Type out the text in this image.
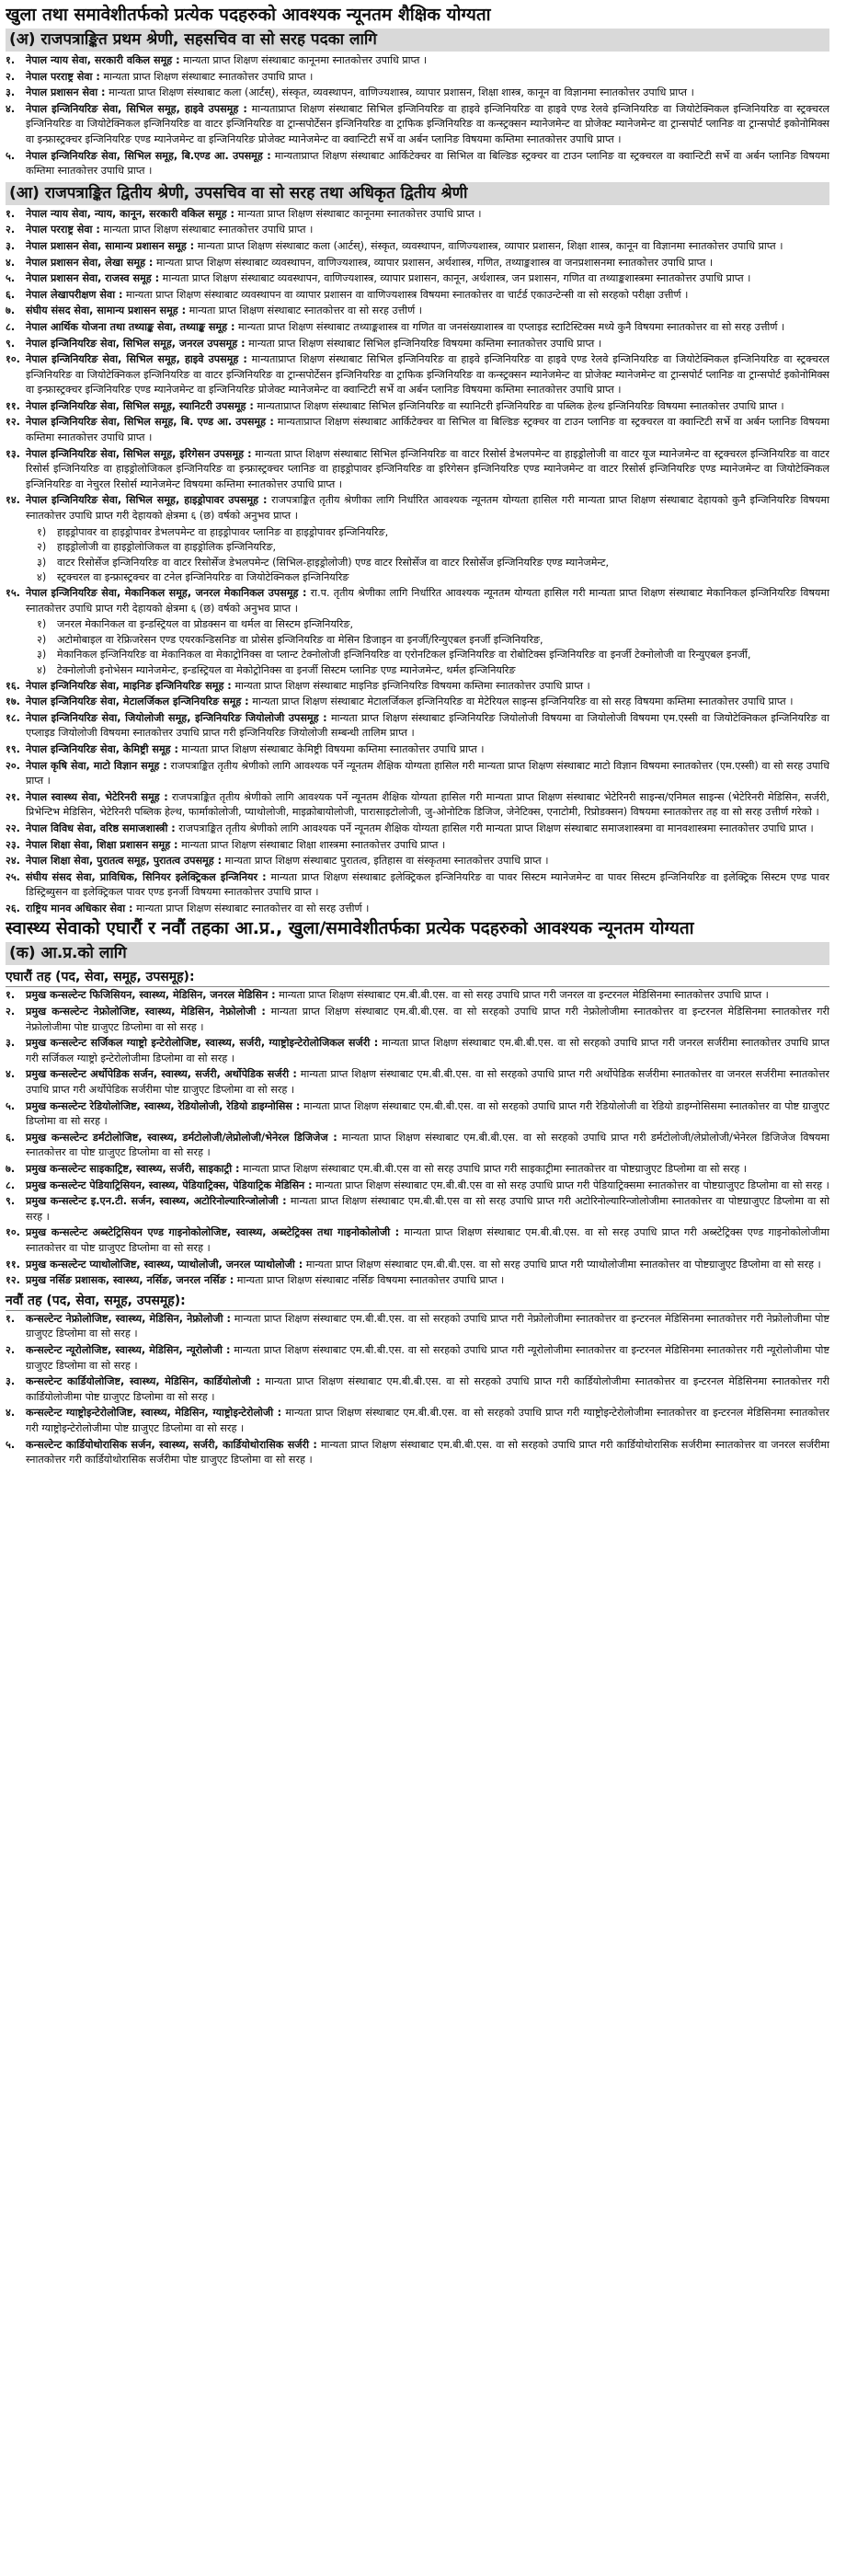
खुला तथा समावेशीतर्फको प्रत्येक पदहरुको आवश्यक न्यूनतम शैक्षिक योग्यता
(अ) राजपत्राङ्कित प्रथम श्रेणी, सहसचिव वा सो सरह पदका लागि
१.	नेपाल न्याय सेवा, सरकारी वकिल समूह : मान्यता प्राप्त शिक्षण संस्थाबाट कानूनमा स्नातकोत्तर उपाधि प्राप्त ।
२.	नेपाल परराष्ट्र सेवा : मान्यता प्राप्त शिक्षण संस्थाबाट स्नातकोत्तर उपाधि प्राप्त ।
३.	नेपाल प्रशासन सेवा : मान्यता प्राप्त शिक्षण संस्थाबाट कला (आर्टस्), संस्कृत, व्यवस्थापन, वाणिज्यशास्त्र, व्यापार प्रशासन, शिक्षा शास्त्र, कानून वा विज्ञानमा स्नातकोत्तर उपाधि प्राप्त ।
४.	नेपाल इन्जिनियरिङ सेवा, सिभिल समूह, हाइवे उपसमूह : मान्यताप्राप्त शिक्षण संस्थाबाट सिभिल इन्जिनियरिङ वा हाइवे इन्जिनियरिङ वा हाइवे एण्ड रेलवे इन्जिनियरिङ वा जियोटेक्निकल इन्जिनियरिङ वा स्ट्रक्चरल इन्जिनियरिङ वा जियोटेक्निकल इन्जिनियरिङ वा वाटर इन्जिनियरिङ वा ट्रान्सपोर्टेसन इन्जिनियरिङ वा ट्राफिक इन्जिनियरिङ वा कन्स्ट्रक्सन म्यानेजमेन्ट वा प्रोजेक्ट म्यानेजमेन्ट वा ट्रान्सपोर्ट प्लानिङ वा ट्रान्सपोर्ट इकोनोमिक्स वा इन्फ्रास्ट्रक्चर इन्जिनियरिङ एण्ड म्यानेजमेन्ट वा इन्जिनियरिङ प्रोजेक्ट म्यानेजमेन्ट वा क्वान्टिटी सर्भे वा अर्बन प्लानिङ विषयमा कम्तिमा स्नातकोत्तर उपाधि प्राप्त ।
५.	नेपाल इन्जिनियरिङ सेवा, सिभिल समूह, बि.एण्ड आ. उपसमूह : मान्यताप्राप्त शिक्षण संस्थाबाट आर्किटेक्चर वा सिभिल वा बिल्डिङ स्ट्रक्चर वा टाउन प्लानिङ वा स्ट्रक्चरल वा क्वान्टिटी सर्भे वा अर्बन प्लानिङ विषयमा कम्तिमा स्नातकोत्तर उपाधि प्राप्त ।
(आ) राजपत्राङ्कित द्वितीय श्रेणी, उपसचिव वा सो सरह तथा अधिकृत द्वितीय श्रेणी
१.	नेपाल न्याय सेवा, न्याय, कानून, सरकारी वकिल समूह : मान्यता प्राप्त शिक्षण संस्थाबाट कानूनमा स्नातकोत्तर उपाधि प्राप्त ।
२.	नेपाल परराष्ट्र सेवा : मान्यता प्राप्त शिक्षण संस्थाबाट स्नातकोत्तर उपाधि प्राप्त ।
३.	नेपाल प्रशासन सेवा, सामान्य प्रशासन समूह : मान्यता प्राप्त शिक्षण संस्थाबाट कला (आर्टस्), संस्कृत, व्यवस्थापन, वाणिज्यशास्त्र, व्यापार प्रशासन, शिक्षा शास्त्र, कानून वा विज्ञानमा स्नातकोत्तर उपाधि प्राप्त ।
४.	नेपाल प्रशासन सेवा, लेखा समूह : मान्यता प्राप्त शिक्षण संस्थाबाट व्यवस्थापन, वाणिज्यशास्त्र, व्यापार प्रशासन, अर्थशास्त्र, गणित, तथ्याङ्कशास्त्र वा जनप्रशासनमा स्नातकोत्तर उपाधि प्राप्त ।
५.	नेपाल प्रशासन सेवा, राजस्व समूह : मान्यता प्राप्त शिक्षण संस्थाबाट व्यवस्थापन, वाणिज्यशास्त्र, व्यापार प्रशासन, कानून, अर्थशास्त्र, जन प्रशासन, गणित वा तथ्याङ्कशास्त्रमा स्नातकोत्तर उपाधि प्राप्त ।
६.	नेपाल लेखापरीक्षण सेवा : मान्यता प्राप्त शिक्षण संस्थाबाट व्यवस्थापन वा व्यापार प्रशासन वा वाणिज्यशास्त्र विषयमा स्नातकोत्तर वा चार्टर्ड एकाउन्टेन्सी वा सो सरहको परीक्षा उत्तीर्ण ।
७.	संघीय संसद सेवा, सामान्य प्रशासन समूह : मान्यता प्राप्त शिक्षण संस्थाबाट स्नातकोत्तर वा सो सरह उत्तीर्ण ।
८.	नेपाल आर्थिक योजना तथा तथ्याङ्क सेवा, तथ्याङ्क समूह : मान्यता प्राप्त शिक्षण संस्थाबाट तथ्याङ्कशास्त्र वा गणित वा जनसंख्याशास्त्र वा एप्लाइड स्टाटिस्टिक्स मध्ये कुनै विषयमा स्नातकोत्तर वा सो सरह उत्तीर्ण ।
९.	नेपाल इन्जिनियरिङ सेवा, सिभिल समूह, जनरल उपसमूह : मान्यता प्राप्त शिक्षण संस्थाबाट सिभिल इन्जिनियरिङ विषयमा कम्तिमा स्नातकोत्तर उपाधि प्राप्त ।
१०. नेपाल इन्जिनियरिङ सेवा, सिभिल समूह, हाइवे उपसमूह : मान्यताप्राप्त शिक्षण संस्थाबाट सिभिल इन्जिनियरिङ वा हाइवे इन्जिनियरिङ वा हाइवे एण्ड रेलवे इन्जिनियरिङ वा जियोटेक्निकल इन्जिनियरिङ वा स्ट्रक्चरल इन्जिनियरिङ वा जियोटेक्निकल इन्जिनियरिङ वा वाटर इन्जिनियरिङ वा ट्रान्सपोर्टेसन इन्जिनियरिङ वा ट्राफिक इन्जिनियरिङ वा कन्स्ट्रक्सन म्यानेजमेन्ट वा प्रोजेक्ट म्यानेजमेन्ट वा ट्रान्सपोर्ट प्लानिङ वा ट्रान्सपोर्ट इकोनोमिक्स वा इन्फ्रास्ट्रक्चर इन्जिनियरिङ एण्ड म्यानेजमेन्ट वा इन्जिनियरिङ प्रोजेक्ट म्यानेजमेन्ट वा क्वान्टिटी सर्भे वा अर्बन प्लानिङ विषयमा कम्तिमा स्नातकोत्तर उपाधि प्राप्त ।
११. नेपाल इन्जिनियरिङ सेवा, सिभिल समूह, स्यानिटरी उपसमूह : मान्यताप्राप्त शिक्षण संस्थाबाट सिभिल इन्जिनियरिङ वा स्यानिटरी इन्जिनियरिङ वा पब्लिक हेल्थ इन्जिनियरिङ विषयमा स्नातकोत्तर उपाधि प्राप्त ।
१२. नेपाल इन्जिनियरिङ सेवा, सिभिल समूह, बि. एण्ड आ. उपसमूह : मान्यताप्राप्त शिक्षण संस्थाबाट आर्किटेक्चर वा सिभिल वा बिल्डिङ स्ट्रक्चर वा टाउन प्लानिङ वा स्ट्रक्चरल वा क्वान्टिटी सर्भे वा अर्बन प्लानिङ विषयमा कम्तिमा स्नातकोत्तर उपाधि प्राप्त ।
१३. नेपाल इन्जिनियरिङ सेवा, सिभिल समूह, इरिगेसन उपसमूह : मान्यता प्राप्त शिक्षण संस्थाबाट सिभिल इन्जिनियरिङ वा वाटर रिसोर्स डेभलपमेन्ट वा हाइड्रोलोजी वा वाटर यूज म्यानेजमेन्ट वा स्ट्रक्चरल इन्जिनियरिङ वा वाटर रिसोर्स इन्जिनियरिङ वा हाइड्रोलोजिकल इन्जिनियरिङ वा इन्फ्रास्ट्रक्चर प्लानिङ वा हाइड्रोपावर इन्जिनियरिङ वा इरिगेसन इन्जिनियरिङ एण्ड म्यानेजमेन्ट वा वाटर रिसोर्स इन्जिनियरिङ एण्ड म्यानेजमेन्ट वा जियोटेक्निकल इन्जिनियरिङ वा नेचुरल रिसोर्स म्यानेजमेन्ट विषयमा कम्तिमा स्नातकोत्तर उपाधि प्राप्त ।
१४. नेपाल इन्जिनियरिङ सेवा, सिभिल समूह, हाइड्रोपावर उपसमूह : राजपत्राङ्कित तृतीय श्रेणीका लागि निर्धारित आवश्यक न्यूनतम योग्यता हासिल गरी मान्यता प्राप्त शिक्षण संस्थाबाट देहायको कुनै इन्जिनियरिङ विषयमा स्नातकोत्तर उपाधि प्राप्त गरी देहायको क्षेत्रमा ६ (छ) वर्षको अनुभव प्राप्त ।
१)	हाइड्रोपावर वा हाइड्रोपावर डेभलपमेन्ट वा हाइड्रोपावर प्लानिङ वा हाइड्रोपावर इन्जिनियरिङ,
२)	हाइड्रोलोजी वा हाइड्रोलोजिकल वा हाइड्रोलिक इन्जिनियरिङ,
३)	वाटर रिसोर्सेज इन्जिनियरिङ वा वाटर रिसोर्सेज डेभलपमेन्ट (सिभिल-हाइड्रोलोजी) एण्ड वाटर रिसोर्सेज वा वाटर रिसोर्सेज इन्जिनियरिङ एण्ड म्यानेजमेन्ट,
४)	स्ट्रक्चरल वा इन्फ्रास्ट्रक्चर वा टनेल इन्जिनियरिङ वा जियोटेक्निकल इन्जिनियरिङ
१५. नेपाल इन्जिनियरिङ सेवा, मेकानिकल समूह, जनरल मेकानिकल उपसमूह : रा.प. तृतीय श्रेणीका लागि निर्धारित आवश्यक न्यूनतम योग्यता हासिल गरी मान्यता प्राप्त शिक्षण संस्थाबाट मेकानिकल इन्जिनियरिङ विषयमा स्नातकोत्तर उपाधि प्राप्त गरी देहायको क्षेत्रमा ६ (छ) वर्षको अनुभव प्राप्त ।
१)	जनरल मेकानिकल वा इन्डस्ट्रियल वा प्रोडक्सन वा थर्मल वा सिस्टम इन्जिनियरिङ,
२)	अटोमोबाइल वा रेफ्रिजरेसन एण्ड एयरकन्डिसनिङ वा प्रोसेस इन्जिनियरिङ वा मेसिन डिजाइन वा इनर्जी/रिन्युएबल इनर्जी इन्जिनियरिङ,
३)	मेकानिकल इन्जिनियरिङ वा मेकानिकल वा मेकाट्रोनिक्स वा प्लान्ट टेक्नोलोजी इन्जिनियरिङ वा एरोनटिकल इन्जिनियरिङ वा रोबोटिक्स इन्जिनियरिङ वा इनर्जी टेक्नोलोजी वा रिन्युएबल इनर्जी,
४)	टेक्नोलोजी इनोभेसन म्यानेजमेन्ट, इन्डस्ट्रियल वा मेकोट्रोनिक्स वा इनर्जी सिस्टम प्लानिङ एण्ड म्यानेजमेन्ट, थर्मल इन्जिनियरिङ
१६. नेपाल इन्जिनियरिङ सेवा, माइनिङ इन्जिनियरिङ समूह : मान्यता प्राप्त शिक्षण संस्थाबाट माइनिङ इन्जिनियरिङ विषयमा कम्तिमा स्नातकोत्तर उपाधि प्राप्त ।
१७. नेपाल इन्जिनियरिङ सेवा, मेटालर्जिकल इन्जिनियरिङ समूह : मान्यता प्राप्त शिक्षण संस्थाबाट मेटालर्जिकल इन्जिनियरिङ वा मेटेरियल साइन्स इन्जिनियरिङ वा सो सरह विषयमा कम्तिमा स्नातकोत्तर उपाधि प्राप्त ।
१८. नेपाल इन्जिनियरिङ सेवा, जियोलोजी समूह, इन्जिनियरिङ जियोलोजी उपसमूह : मान्यता प्राप्त शिक्षण संस्थाबाट इन्जिनियरिङ जियोलोजी विषयमा वा जियोलोजी विषयमा एम.एस्सी वा जियोटेक्निकल इन्जिनियरिङ वा एप्लाइड जियोलोजी विषयमा स्नातकोत्तर उपाधि प्राप्त गरी इन्जिनियरिङ जियोलोजी सम्बन्धी तालिम प्राप्त ।
१९. नेपाल इन्जिनियरिङ सेवा, केमिष्ट्री समूह : मान्यता प्राप्त शिक्षण संस्थाबाट केमिष्ट्री विषयमा कम्तिमा स्नातकोत्तर उपाधि प्राप्त ।
२०. नेपाल कृषि सेवा, माटो विज्ञान समूह : राजपत्राङ्कित तृतीय श्रेणीको लागि आवश्यक पर्ने न्यूनतम शैक्षिक योग्यता हासिल गरी मान्यता प्राप्त शिक्षण संस्थाबाट माटो विज्ञान विषयमा स्नातकोत्तर (एम.एस्सी) वा सो सरह उपाधि प्राप्त ।
२१. नेपाल स्वास्थ्य सेवा, भेटेरिनरी समूह : राजपत्राङ्कित तृतीय श्रेणीको लागि आवश्यक पर्ने न्यूनतम शैक्षिक योग्यता हासिल गरी मान्यता प्राप्त शिक्षण संस्थाबाट भेटेरिनरी साइन्स/एनिमल साइन्स (भेटेरिनरी मेडिसिन, सर्जरी, प्रिभेन्टिभ मेडिसिन, भेटेरिनरी पब्लिक हेल्थ, फार्माकोलोजी, प्याथोलोजी, माइक्रोबायोलोजी, पारासाइटोलोजी, जु-ओनोटिक डिजिज, जेनेटिक्स, एनाटोमी, रिप्रोडक्सन) विषयमा स्नातकोत्तर तह वा सो सरह उत्तीर्ण गरेको ।
२२. नेपाल विविध सेवा, वरिष्ठ समाजशास्त्री : राजपत्राङ्कित तृतीय श्रेणीको लागि आवश्यक पर्ने न्यूनतम शैक्षिक योग्यता हासिल गरी मान्यता प्राप्त शिक्षण संस्थाबाट समाजशास्त्रमा वा मानवशास्त्रमा स्नातकोत्तर उपाधि प्राप्त ।
२३. नेपाल शिक्षा सेवा, शिक्षा प्रशासन समूह : मान्यता प्राप्त शिक्षण संस्थाबाट शिक्षा शास्त्रमा स्नातकोत्तर उपाधि प्राप्त ।
२४. नेपाल शिक्षा सेवा, पुरातत्व समूह, पुरातत्व उपसमूह : मान्यता प्राप्त शिक्षण संस्थाबाट पुरातत्व, इतिहास वा संस्कृतमा स्नातकोत्तर उपाधि प्राप्त ।
२५. संघीय संसद सेवा, प्राविधिक, सिनियर इलेक्ट्रिकल इन्जिनियर : मान्यता प्राप्त शिक्षण संस्थाबाट इलेक्ट्रिकल इन्जिनियरिङ वा पावर सिस्टम म्यानेजमेन्ट वा पावर सिस्टम इन्जिनियरिङ वा इलेक्ट्रिक सिस्टम एण्ड पावर डिस्ट्रिब्युसन वा इलेक्ट्रिकल पावर एण्ड इनर्जी विषयमा स्नातकोत्तर उपाधि प्राप्त ।
२६. राष्ट्रिय मानव अधिकार सेवा : मान्यता प्राप्त शिक्षण संस्थाबाट स्नातकोत्तर वा सो सरह उत्तीर्ण ।
स्वास्थ्य सेवाको एघारौं र नवौं तहका आ.प्र., खुला/समावेशीतर्फका प्रत्येक पदहरुको आवश्यक न्यूनतम योग्यता
(क) आ.प्र.को लागि
एघारौं तह (पद, सेवा, समूह, उपसमूह):
१.	प्रमुख कन्सल्टेन्ट फिजिसियन, स्वास्थ्य, मेडिसिन, जनरल मेडिसिन : मान्यता प्राप्त शिक्षण संस्थाबाट एम.बी.बी.एस. वा सो सरह उपाधि प्राप्त गरी जनरल वा इन्टरनल मेडिसिनमा स्नातकोत्तर उपाधि प्राप्त ।
२.	प्रमुख कन्सल्टेन्ट नेफ्रोलोजिष्ट, स्वास्थ्य, मेडिसिन, नेफ्रोलोजी : मान्यता प्राप्त शिक्षण संस्थाबाट एम.बी.बी.एस. वा सो सरहको उपाधि प्राप्त गरी नेफ्रोलोजीमा स्नातकोत्तर वा इन्टरनल मेडिसिनमा स्नातकोत्तर गरी नेफ्रोलोजीमा पोष्ट ग्राजुएट डिप्लोमा वा सो सरह ।
३.	प्रमुख कन्सल्टेन्ट सर्जिकल ग्याष्ट्रो इन्टेरोलोजिष्ट, स्वास्थ्य, सर्जरी, ग्याष्ट्रोइन्टेरोलोजिकल सर्जरी : मान्यता प्राप्त शिक्षण संस्थाबाट एम.बी.बी.एस. वा सो सरहको उपाधि प्राप्त गरी जनरल सर्जरीमा स्नातकोत्तर उपाधि प्राप्त गरी सर्जिकल ग्याष्ट्रो इन्टेरोलोजीमा डिप्लोमा वा सो सरह ।
४.	प्रमुख कन्सल्टेन्ट अर्थोपेडिक सर्जन, स्वास्थ्य, सर्जरी, अर्थोपेडिक सर्जरी : मान्यता प्राप्त शिक्षण संस्थाबाट एम.बी.बी.एस. वा सो सरहको उपाधि प्राप्त गरी अर्थोपेडिक सर्जरीमा स्नातकोत्तर वा जनरल सर्जरीमा स्नातकोत्तर उपाधि प्राप्त गरी अर्थोपेडिक सर्जरीमा पोष्ट ग्राजुएट डिप्लोमा वा सो सरह ।
५.	प्रमुख कन्सल्टेन्ट रेडियोलोजिष्ट, स्वास्थ्य, रेडियोलोजी, रेडियो डाइग्नोसिस : मान्यता प्राप्त शिक्षण संस्थाबाट एम.बी.बी.एस. वा सो सरहको उपाधि प्राप्त गरी रेडियोलोजी वा रेडियो डाइग्नोसिसमा स्नातकोत्तर वा पोष्ट ग्राजुएट डिप्लोमा वा सो सरह ।
६.	प्रमुख कन्सल्टेन्ट डर्मटोलोजिष्ट, स्वास्थ्य, डर्मटोलोजी/लेप्रोलोजी/भेनेरल डिजिजेज : मान्यता प्राप्त शिक्षण संस्थाबाट एम.बी.बी.एस. वा सो सरहको उपाधि प्राप्त गरी डर्मटोलोजी/लेप्रोलोजी/भेनेरल डिजिजेज विषयमा स्नातकोत्तर वा पोष्ट ग्राजुएट डिप्लोमा वा सो सरह ।
७.	प्रमुख कन्सल्टेन्ट साइकाट्रिष्ट, स्वास्थ्य, सर्जरी, साइकाट्री : मान्यता प्राप्त शिक्षण संस्थाबाट एम.बी.बी.एस वा सो सरह उपाधि प्राप्त गरी साइकाट्रीमा स्नातकोत्तर वा पोष्टग्राजुएट डिप्लोमा वा सो सरह ।
८.	प्रमुख कन्सल्टेन्ट पेडियाट्रिसियन, स्वास्थ्य, पेडियाट्रिक्स, पेडियाट्रिक मेडिसिन : मान्यता प्राप्त शिक्षण संस्थाबाट एम.बी.बी.एस वा सो सरह उपाधि प्राप्त गरी पेडियाट्रिक्समा स्नातकोत्तर वा पोष्टग्राजुएट डिप्लोमा वा सो सरह ।
९.	प्रमुख कन्सल्टेन्ट इ.एन.टी. सर्जन, स्वास्थ्य, अटोरिनोल्यारिन्जोलोजी : मान्यता प्राप्त शिक्षण संस्थाबाट एम.बी.बी.एस वा सो सरह उपाधि प्राप्त गरी अटोरिनोल्यारिन्जोलोजीमा स्नातकोत्तर वा पोष्टग्राजुएट डिप्लोमा वा सो सरह ।
१०. प्रमुख कन्सल्टेन्ट अब्स्टेट्रिसियन एण्ड गाइनोकोलोजिष्ट, स्वास्थ्य, अब्स्टेट्रिक्स तथा गाइनोकोलोजी : मान्यता प्राप्त शिक्षण संस्थाबाट एम.बी.बी.एस. वा सो सरह उपाधि प्राप्त गरी अब्स्टेट्रिक्स एण्ड गाइनोकोलोजीमा स्नातकोत्तर वा पोष्ट ग्राजुएट डिप्लोमा वा सो सरह ।
११. प्रमुख कन्सल्टेन्ट प्याथोलोजिष्ट, स्वास्थ्य, प्याथोलोजी, जनरल प्याथोलोजी : मान्यता प्राप्त शिक्षण संस्थाबाट एम.बी.बी.एस. वा सो सरह उपाधि प्राप्त गरी प्याथोलोजीमा स्नातकोत्तर वा पोष्टग्राजुएट डिप्लोमा वा सो सरह ।
१२. प्रमुख नर्सिङ प्रशासक, स्वास्थ्य, नर्सिङ, जनरल नर्सिङ : मान्यता प्राप्त शिक्षण संस्थाबाट नर्सिङ विषयमा स्नातकोत्तर उपाधि प्राप्त ।
नवौं तह (पद, सेवा, समूह, उपसमूह):
१.	कन्सल्टेन्ट नेफ्रोलोजिष्ट, स्वास्थ्य, मेडिसिन, नेफ्रोलोजी : मान्यता प्राप्त शिक्षण संस्थाबाट एम.बी.बी.एस. वा सो सरहको उपाधि प्राप्त गरी नेफ्रोलोजीमा स्नातकोत्तर वा इन्टरनल मेडिसिनमा स्नातकोत्तर गरी नेफ्रोलोजीमा पोष्ट ग्राजुएट डिप्लोमा वा सो सरह ।
२.	कन्सल्टेन्ट न्यूरोलोजिष्ट, स्वास्थ्य, मेडिसिन, न्यूरोलोजी : मान्यता प्राप्त शिक्षण संस्थाबाट एम.बी.बी.एस. वा सो सरहको उपाधि प्राप्त गरी न्यूरोलोजीमा स्नातकोत्तर वा इन्टरनल मेडिसिनमा स्नातकोत्तर गरी न्यूरोलोजीमा पोष्ट ग्राजुएट डिप्लोमा वा सो सरह ।
३.	कन्सल्टेन्ट कार्डियोलोजिष्ट, स्वास्थ्य, मेडिसिन, कार्डियोलोजी : मान्यता प्राप्त शिक्षण संस्थाबाट एम.बी.बी.एस. वा सो सरहको उपाधि प्राप्त गरी कार्डियोलोजीमा स्नातकोत्तर वा इन्टरनल मेडिसिनमा स्नातकोत्तर गरी कार्डियोलोजीमा पोष्ट ग्राजुएट डिप्लोमा वा सो सरह ।
४.	कन्सल्टेन्ट ग्याष्ट्रोइन्टेरोलोजिष्ट, स्वास्थ्य, मेडिसिन, ग्याष्ट्रोइन्टेरोलोजी : मान्यता प्राप्त शिक्षण संस्थाबाट एम.बी.बी.एस. वा सो सरहको उपाधि प्राप्त गरी ग्याष्ट्रोइन्टेरोलोजीमा स्नातकोत्तर वा इन्टरनल मेडिसिनमा स्नातकोत्तर गरी ग्याष्ट्रोइन्टेरोलोजीमा पोष्ट ग्राजुएट डिप्लोमा वा सो सरह ।
५.	कन्सल्टेन्ट कार्डियोथोरासिक सर्जन, स्वास्थ्य, सर्जरी, कार्डियोथोरासिक सर्जरी : मान्यता प्राप्त शिक्षण संस्थाबाट एम.बी.बी.एस. वा सो सरहको उपाधि प्राप्त गरी कार्डियोथोरासिक सर्जरीमा स्नातकोत्तर वा जनरल सर्जरीमा स्नातकोत्तर गरी कार्डियोथोरासिक सर्जरीमा पोष्ट ग्राजुएट डिप्लोमा वा सो सरह ।
